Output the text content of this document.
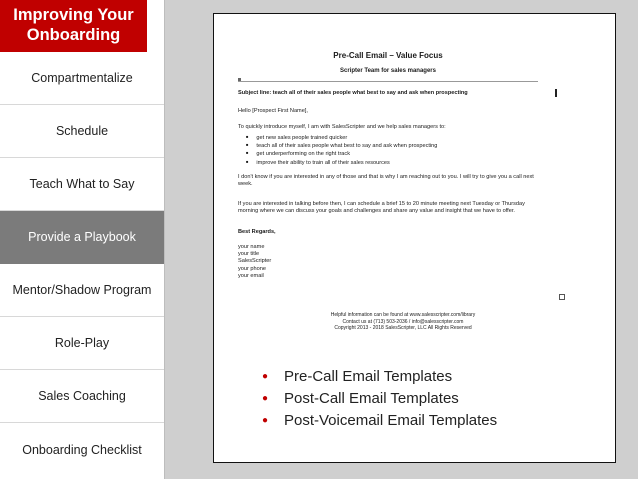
Improving Your
Onboarding
Compartmentalize
Schedule
Teach What to Say
Provide a Playbook
Mentor/Shadow Program
Role-Play
Sales Coaching
Onboarding Checklist
Pre-Call Email – Value Focus
Scripter Team for sales managers
Subject line: teach all of their sales people what best to say and ask when prospecting
Hello [Prospect First Name],
To quickly introduce myself, I am with SalesScripter and we help sales managers to:
■ get new sales people trained quicker
■ teach all of their sales people what best to say and ask when prospecting
■ get underperforming on the right track
■ improve their ability to train all of their sales resources
I don't know if you are interested in any of those and that is why I am reaching out to you. I will try to give you a call next week.
If you are interested in talking before then, I can schedule a brief 15 to 20 minute meeting next Tuesday or Thursday morning where we can discuss your goals and challenges and share any value and insight that we have to offer.
Best Regards,
your name
your title
SalesScripter
your phone
your email
Helpful information can be found at www.salesscripter.com/library
Contact us at (713) 503-2036 / info@salesscripter.com
Copyright 2013 - 2018 SalesScripter, LLC All Rights Reserved
●	Pre-Call Email Templates
●	Post-Call Email Templates
●	Post-Voicemail Email Templates
